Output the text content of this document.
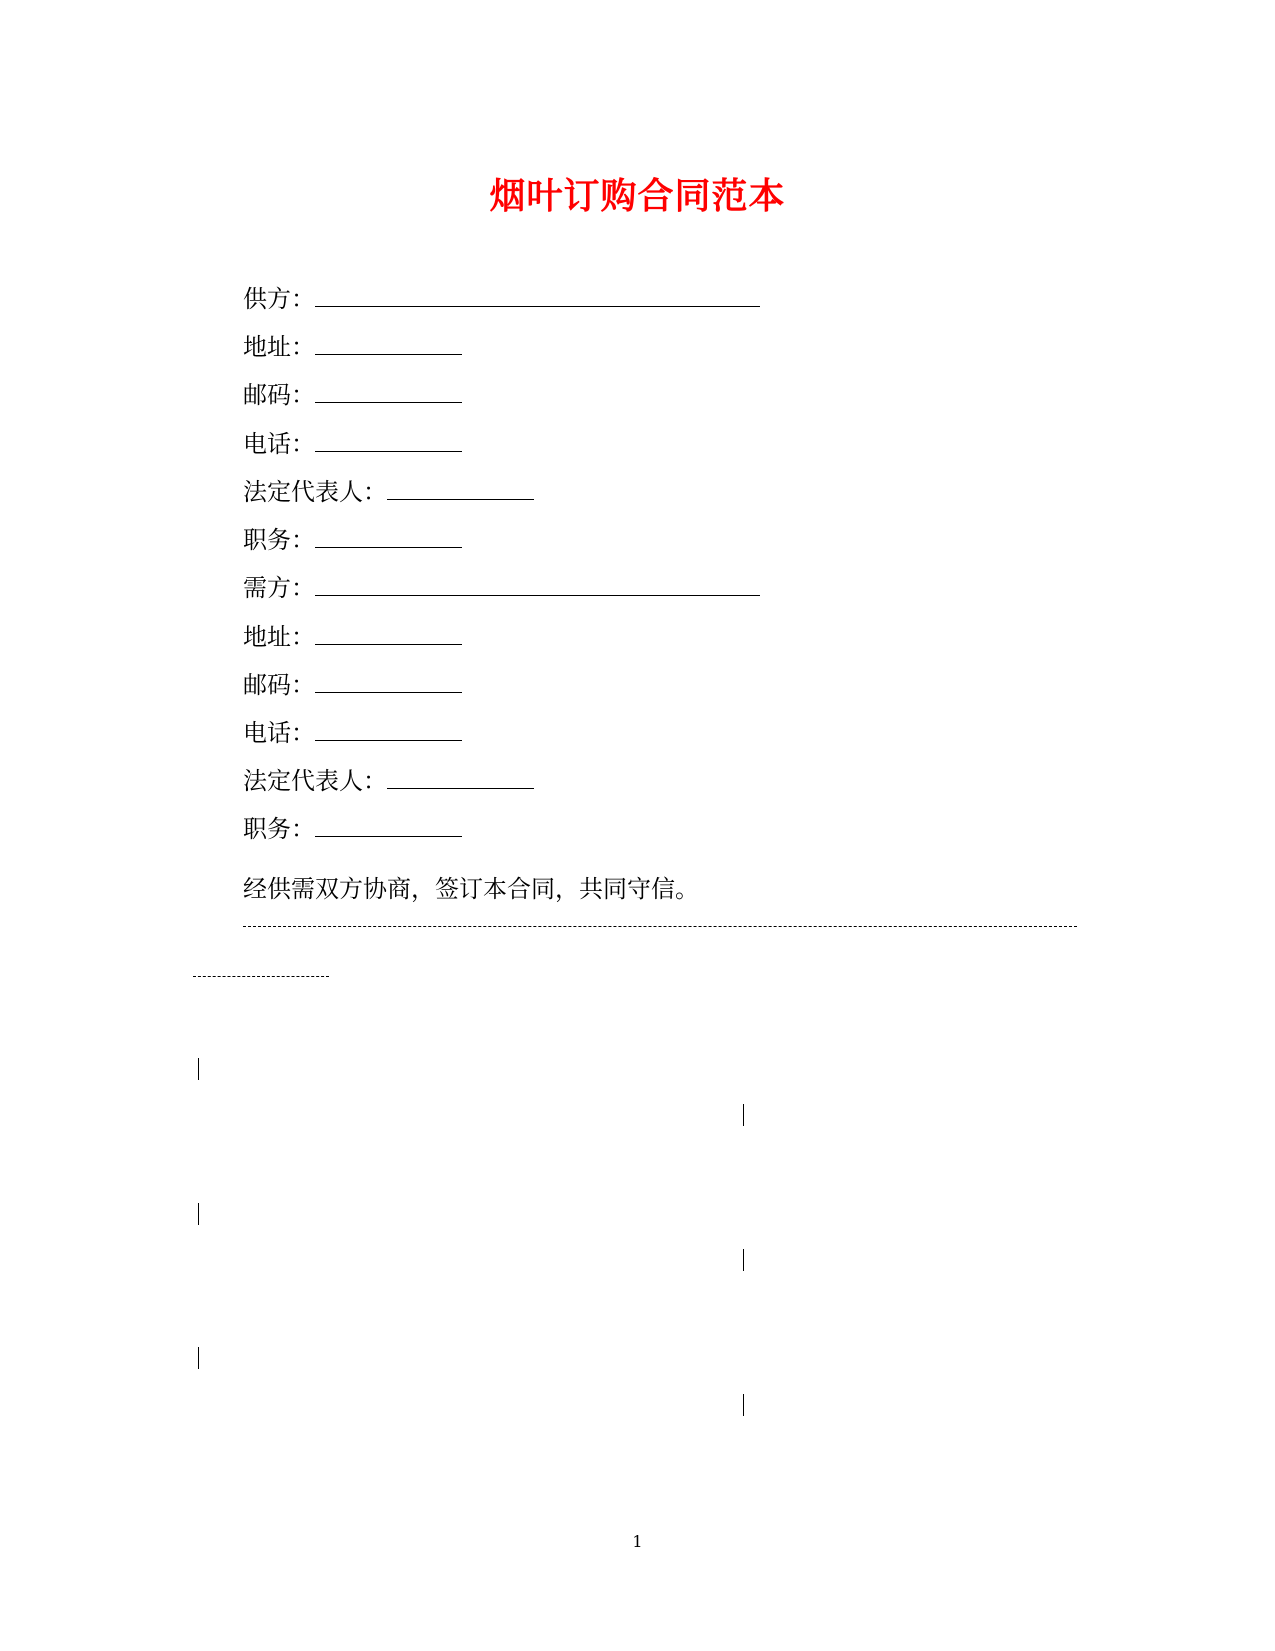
烟叶订购合同范本
供方：
地址：
邮码：
电话：
法定代表人：
职务：
需方：
地址：
邮码：
电话：
法定代表人：
职务：
经供需双方协商，签订本合同，共同守信。
1
